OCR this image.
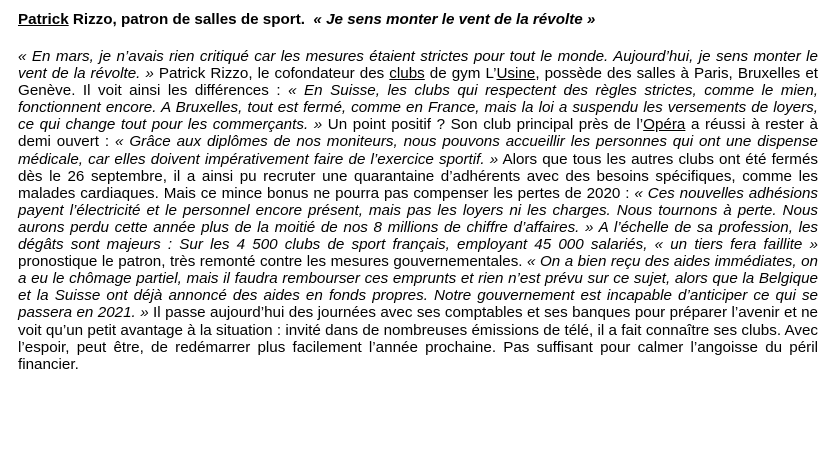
Patrick Rizzo, patron de salles de sport. « Je sens monter le vent de la révolte »

« En mars, je n’avais rien critiqué car les mesures étaient strictes pour tout le monde. Aujourd’hui, je sens monter le vent de la révolte. » Patrick Rizzo, le cofondateur des clubs de gym L’Usine, possède des salles à Paris, Bruxelles et Genève. Il voit ainsi les différences : « En Suisse, les clubs qui respectent des règles strictes, comme le mien, fonctionnent encore. A Bruxelles, tout est fermé, comme en France, mais la loi a suspendu les versements de loyers, ce qui change tout pour les commerçants. » Un point positif ? Son club principal près de l’Opéra a réussi à rester à demi ouvert : « Grâce aux diplômes de nos moniteurs, nous pouvons accueillir les personnes qui ont une dispense médicale, car elles doivent impérativement faire de l’exercice sportif. » Alors que tous les autres clubs ont été fermés dès le 26 septembre, il a ainsi pu recruter une quarantaine d’adhérents avec des besoins spécifiques, comme les malades cardiaques. Mais ce mince bonus ne pourra pas compenser les pertes de 2020 : « Ces nouvelles adhésions payent l’électricité et le personnel encore présent, mais pas les loyers ni les charges. Nous tournons à perte. Nous aurons perdu cette année plus de la moitié de nos 8 millions de chiffre d’affaires. » A l’échelle de sa profession, les dégâts sont majeurs : Sur les 4 500 clubs de sport français, employant 45 000 salariés, « un tiers fera faillite » pronostique le patron, très remonté contre les mesures gouvernementales. « On a bien reçu des aides immédiates, on a eu le chômage partiel, mais il faudra rembourser ces emprunts et rien n’est prévu sur ce sujet, alors que la Belgique et la Suisse ont déjà annoncé des aides en fonds propres. Notre gouvernement est incapable d’anticiper ce qui se passera en 2021. » Il passe aujourd’hui des journées avec ses comptables et ses banques pour préparer l’avenir et ne voit qu’un petit avantage à la situation : invité dans de nombreuses émissions de télé, il a fait connaître ses clubs. Avec l’espoir, peut être, de redémarrer plus facilement l’année prochaine. Pas suffisant pour calmer l’angoisse du péril financier.
